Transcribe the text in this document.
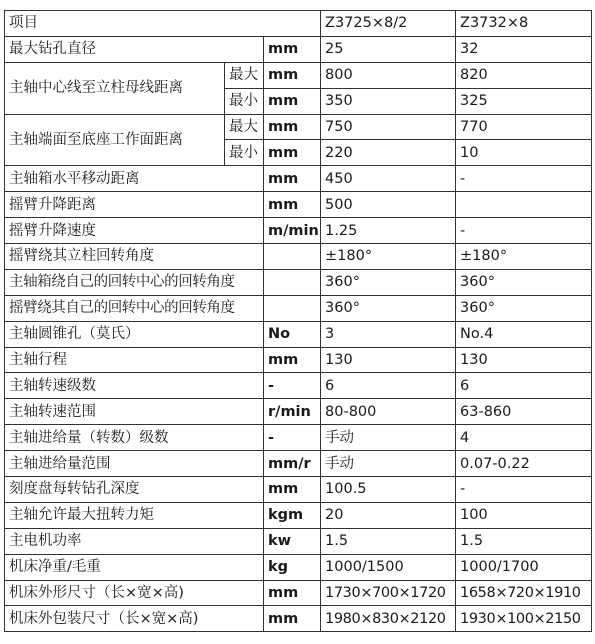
项目			Z3725×8/2	Z3732×8
最大钻孔直径		mm	25	32
主轴中心线至立柱母线距离	最大	mm	800	820
	最小	mm	350	325
主轴端面至底座工作面距离	最大	mm	750	770
	最小	mm	220	10
主轴箱水平移动距离		mm	450	-
摇臂升降距离		mm	500	
摇臂升降速度		m/min	1.25	-
摇臂绕其立柱回转角度			±180°	±180°
主轴箱绕自己的回转中心的回转角度			360°	360°
摇臂绕其自己的回转中心的回转角度			360°	360°
主轴圆锥孔（莫氏）		No	3	No.4
主轴行程		mm	130	130
主轴转速级数		-	6	6
主轴转速范围		r/min	80-800	63-860
主轴进给量（转数）级数		-	手动	4
主轴进给量范围		mm/r	手动	0.07-0.22
刻度盘每转钻孔深度		mm	100.5	-
主轴允许最大扭转力矩		kgm	20	100
主电机功率		kw	1.5	1.5
机床净重/毛重		kg	1000/1500	1000/1700
机床外形尺寸（长×宽×高)		mm	1730×700×1720	1658×720×1910
机床外包装尺寸（长×宽×高)		mm	1980×830×2120	1930×100×2150
